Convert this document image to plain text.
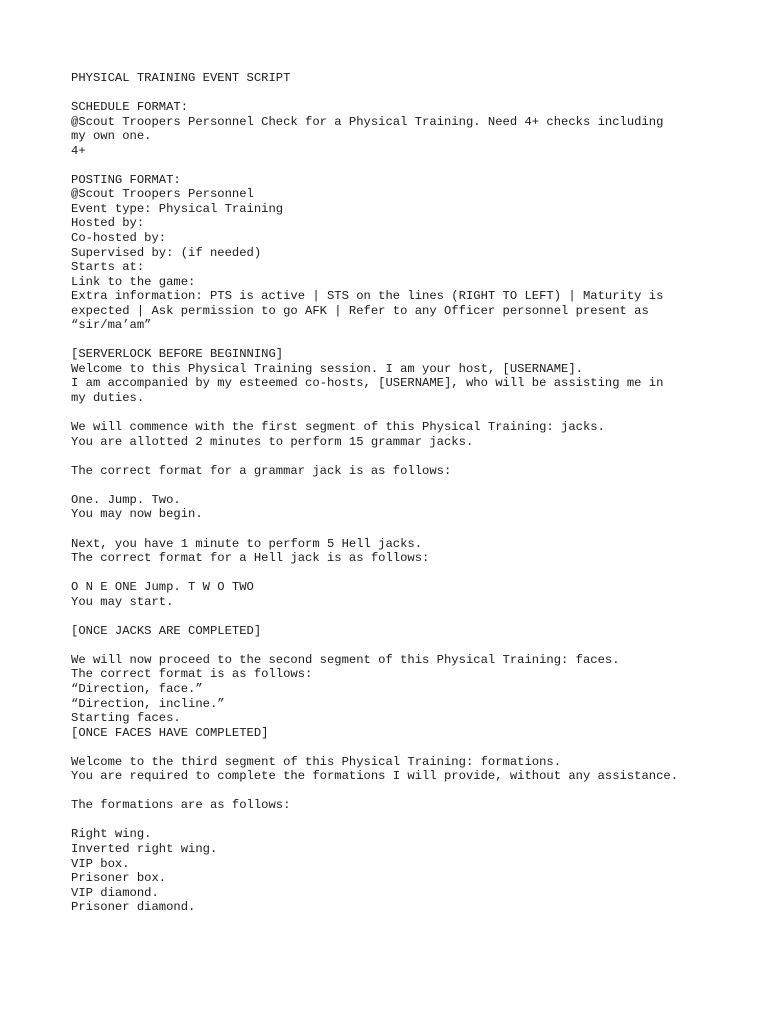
PHYSICAL TRAINING EVENT SCRIPT
SCHEDULE FORMAT:
@Scout Troopers Personnel Check for a Physical Training. Need 4+ checks including
my own one.
4+
POSTING FORMAT:
@Scout Troopers Personnel
Event type: Physical Training
Hosted by:
Co-hosted by:
Supervised by: (if needed)
Starts at:
Link to the game:
Extra information: PTS is active | STS on the lines (RIGHT TO LEFT) | Maturity is
expected | Ask permission to go AFK | Refer to any Officer personnel present as
“sir/ma’am”
[SERVERLOCK BEFORE BEGINNING]
Welcome to this Physical Training session. I am your host, [USERNAME].
I am accompanied by my esteemed co-hosts, [USERNAME], who will be assisting me in
my duties.
We will commence with the first segment of this Physical Training: jacks.
You are allotted 2 minutes to perform 15 grammar jacks.
The correct format for a grammar jack is as follows:
One. Jump. Two.
You may now begin.
Next, you have 1 minute to perform 5 Hell jacks.
The correct format for a Hell jack is as follows:
O N E ONE Jump. T W O TWO
You may start.
[ONCE JACKS ARE COMPLETED]
We will now proceed to the second segment of this Physical Training: faces.
The correct format is as follows:
“Direction, face.”
“Direction, incline.”
Starting faces.
[ONCE FACES HAVE COMPLETED]
Welcome to the third segment of this Physical Training: formations.
You are required to complete the formations I will provide, without any assistance.
The formations are as follows:
Right wing.
Inverted right wing.
VIP box.
Prisoner box.
VIP diamond.
Prisoner diamond.
